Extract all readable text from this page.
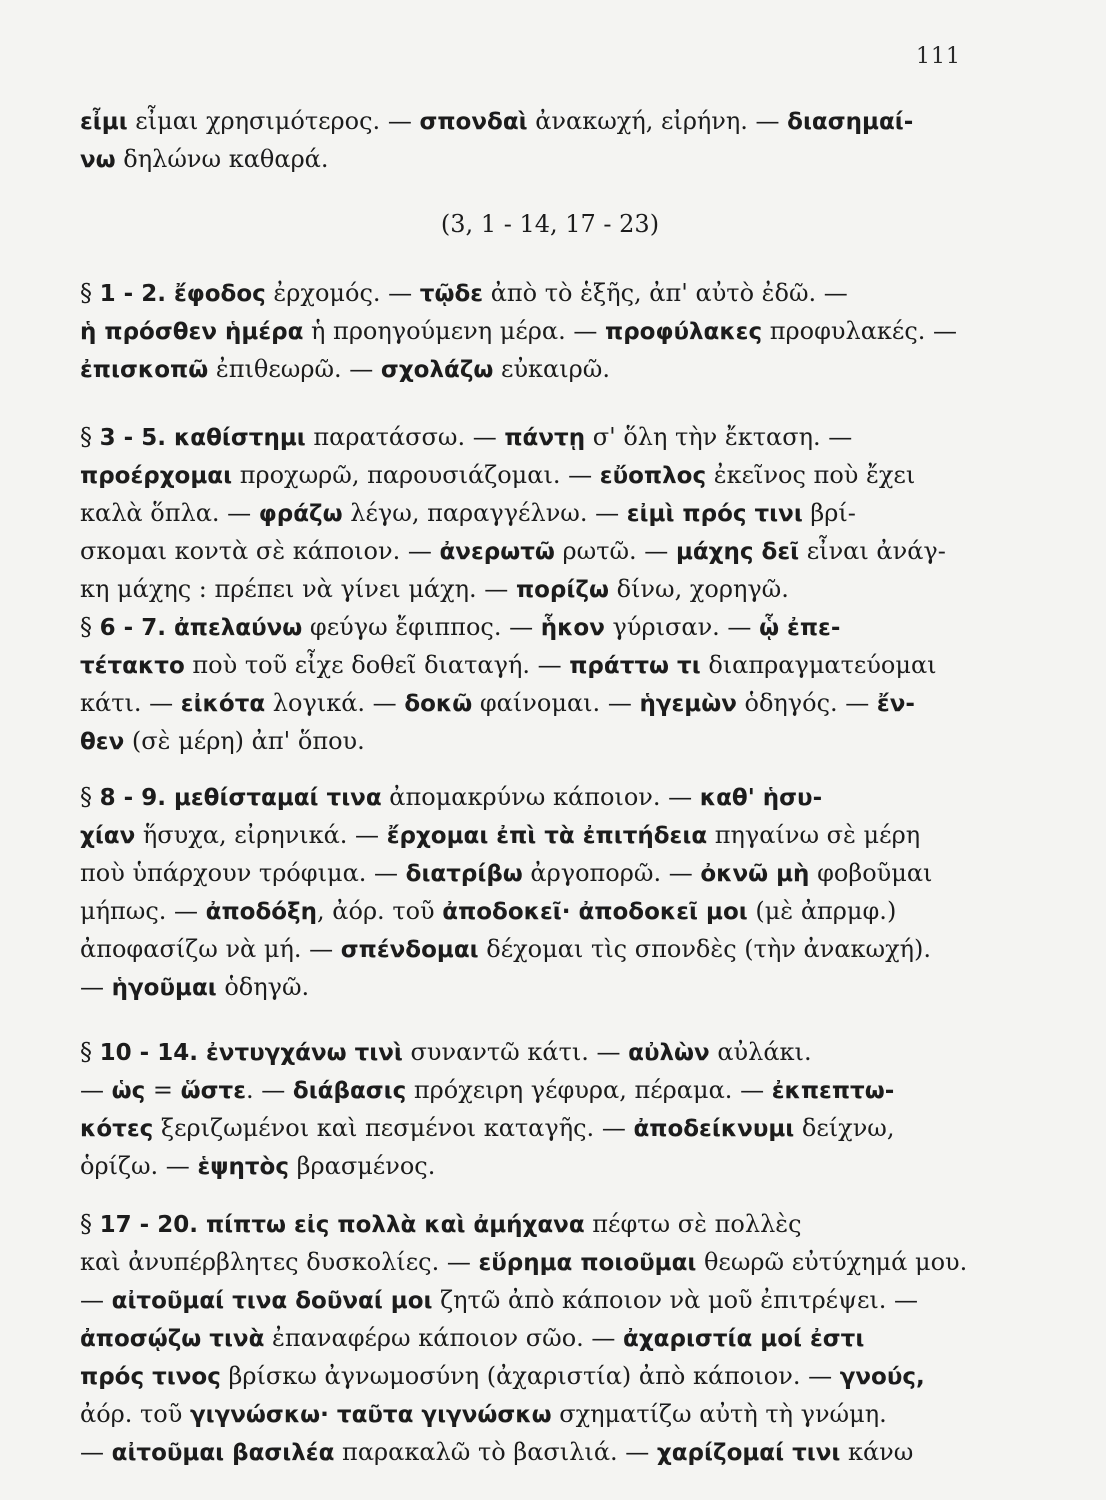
111
εἶμι εἶμαι χρησιμότερος. — σπονδαὶ ἀνακωχή, εἰρήνη. — διασημαί-
νω δηλώνω καθαρά.
(3, 1 - 14, 17 - 23)
§ 1 - 2. ἔφοδος ἐρχομός. — τῷδε ἀπὸ τὸ ἑξῆς, ἀπ' αὐτὸ ἐδῶ. —
ἡ πρόσθεν ἡμέρα ἡ προηγούμενη μέρα. — προφύλακες προφυλακές. —
ἐπισκοπῶ ἐπιθεωρῶ. — σχολάζω εὐκαιρῶ.
§ 3 - 5. καθίστημι παρατάσσω. — πάντῃ σ' ὅλη τὴν ἔκταση. —
προέρχομαι προχωρῶ, παρουσιάζομαι. — εὔοπλος ἐκεῖνος ποὺ ἔχει
καλὰ ὅπλα. — φράζω λέγω, παραγγέλνω. — εἰμὶ πρός τινι βρί-
σκομαι κοντὰ σὲ κάποιον. — ἀνερωτῶ ρωτῶ. — μάχης δεῖ εἶναι ἀνάγ-
κη μάχης : πρέπει νὰ γίνει μάχη. — πορίζω δίνω, χορηγῶ.
§ 6 - 7. ἀπελαύνω φεύγω ἔφιππος. — ἧκον γύρισαν. — ᾧ ἐπε-
τέτακτο ποὺ τοῦ εἶχε δοθεῖ διαταγή. — πράττω τι διαπραγματεύομαι
κάτι. — εἰκότα λογικά. — δοκῶ φαίνομαι. — ἡγεμὼν ὁδηγός. — ἔν-
θεν (σὲ μέρη) ἀπ' ὅπου.
§ 8 - 9. μεθίσταμαί τινα ἀπομακρύνω κάποιον. — καθ' ἡσυ-
χίαν ἥσυχα, εἰρηνικά. — ἔρχομαι ἐπὶ τὰ ἐπιτήδεια πηγαίνω σὲ μέρη
ποὺ ὑπάρχουν τρόφιμα. — διατρίβω ἀργοπορῶ. — ὀκνῶ μὴ φοβοῦμαι
μήπως. — ἀποδόξη, ἀόρ. τοῦ ἀποδοκεῖ· ἀποδοκεῖ μοι (μὲ ἀπρμφ.)
ἀποφασίζω νὰ μή. — σπένδομαι δέχομαι τὶς σπονδὲς (τὴν ἀνακωχή).
— ἡγοῦμαι ὁδηγῶ.
§ 10 - 14. ἐντυγχάνω τινὶ συναντῶ κάτι. — αὐλὼν αὐλάκι.
— ὡς = ὥστε. — διάβασις πρόχειρη γέφυρα, πέραμα. — ἐκπεπτω-
κότες ξεριζωμένοι καὶ πεσμένοι καταγῆς. — ἀποδείκνυμι δείχνω,
ὁρίζω. — ἑψητὸς βρασμένος.
§ 17 - 20. πίπτω εἰς πολλὰ καὶ ἀμήχανα πέφτω σὲ πολλὲς
καὶ ἀνυπέρβλητες δυσκολίες. — εὕρημα ποιοῦμαι θεωρῶ εὐτύχημά μου.
— αἰτοῦμαί τινα δοῦναί μοι ζητῶ ἀπὸ κάποιον νὰ μοῦ ἐπιτρέψει. —
ἀποσῴζω τινὰ ἐπαναφέρω κάποιον σῶο. — ἀχαριστία μοί ἐστι
πρός τινος βρίσκω ἀγνωμοσύνη (ἀχαριστία) ἀπὸ κάποιον. — γνούς,
ἀόρ. τοῦ γιγνώσκω· ταῦτα γιγνώσκω σχηματίζω αὐτὴ τὴ γνώμη.
— αἰτοῦμαι βασιλέα παρακαλῶ τὸ βασιλιά. — χαρίζομαί τινι κάνω
